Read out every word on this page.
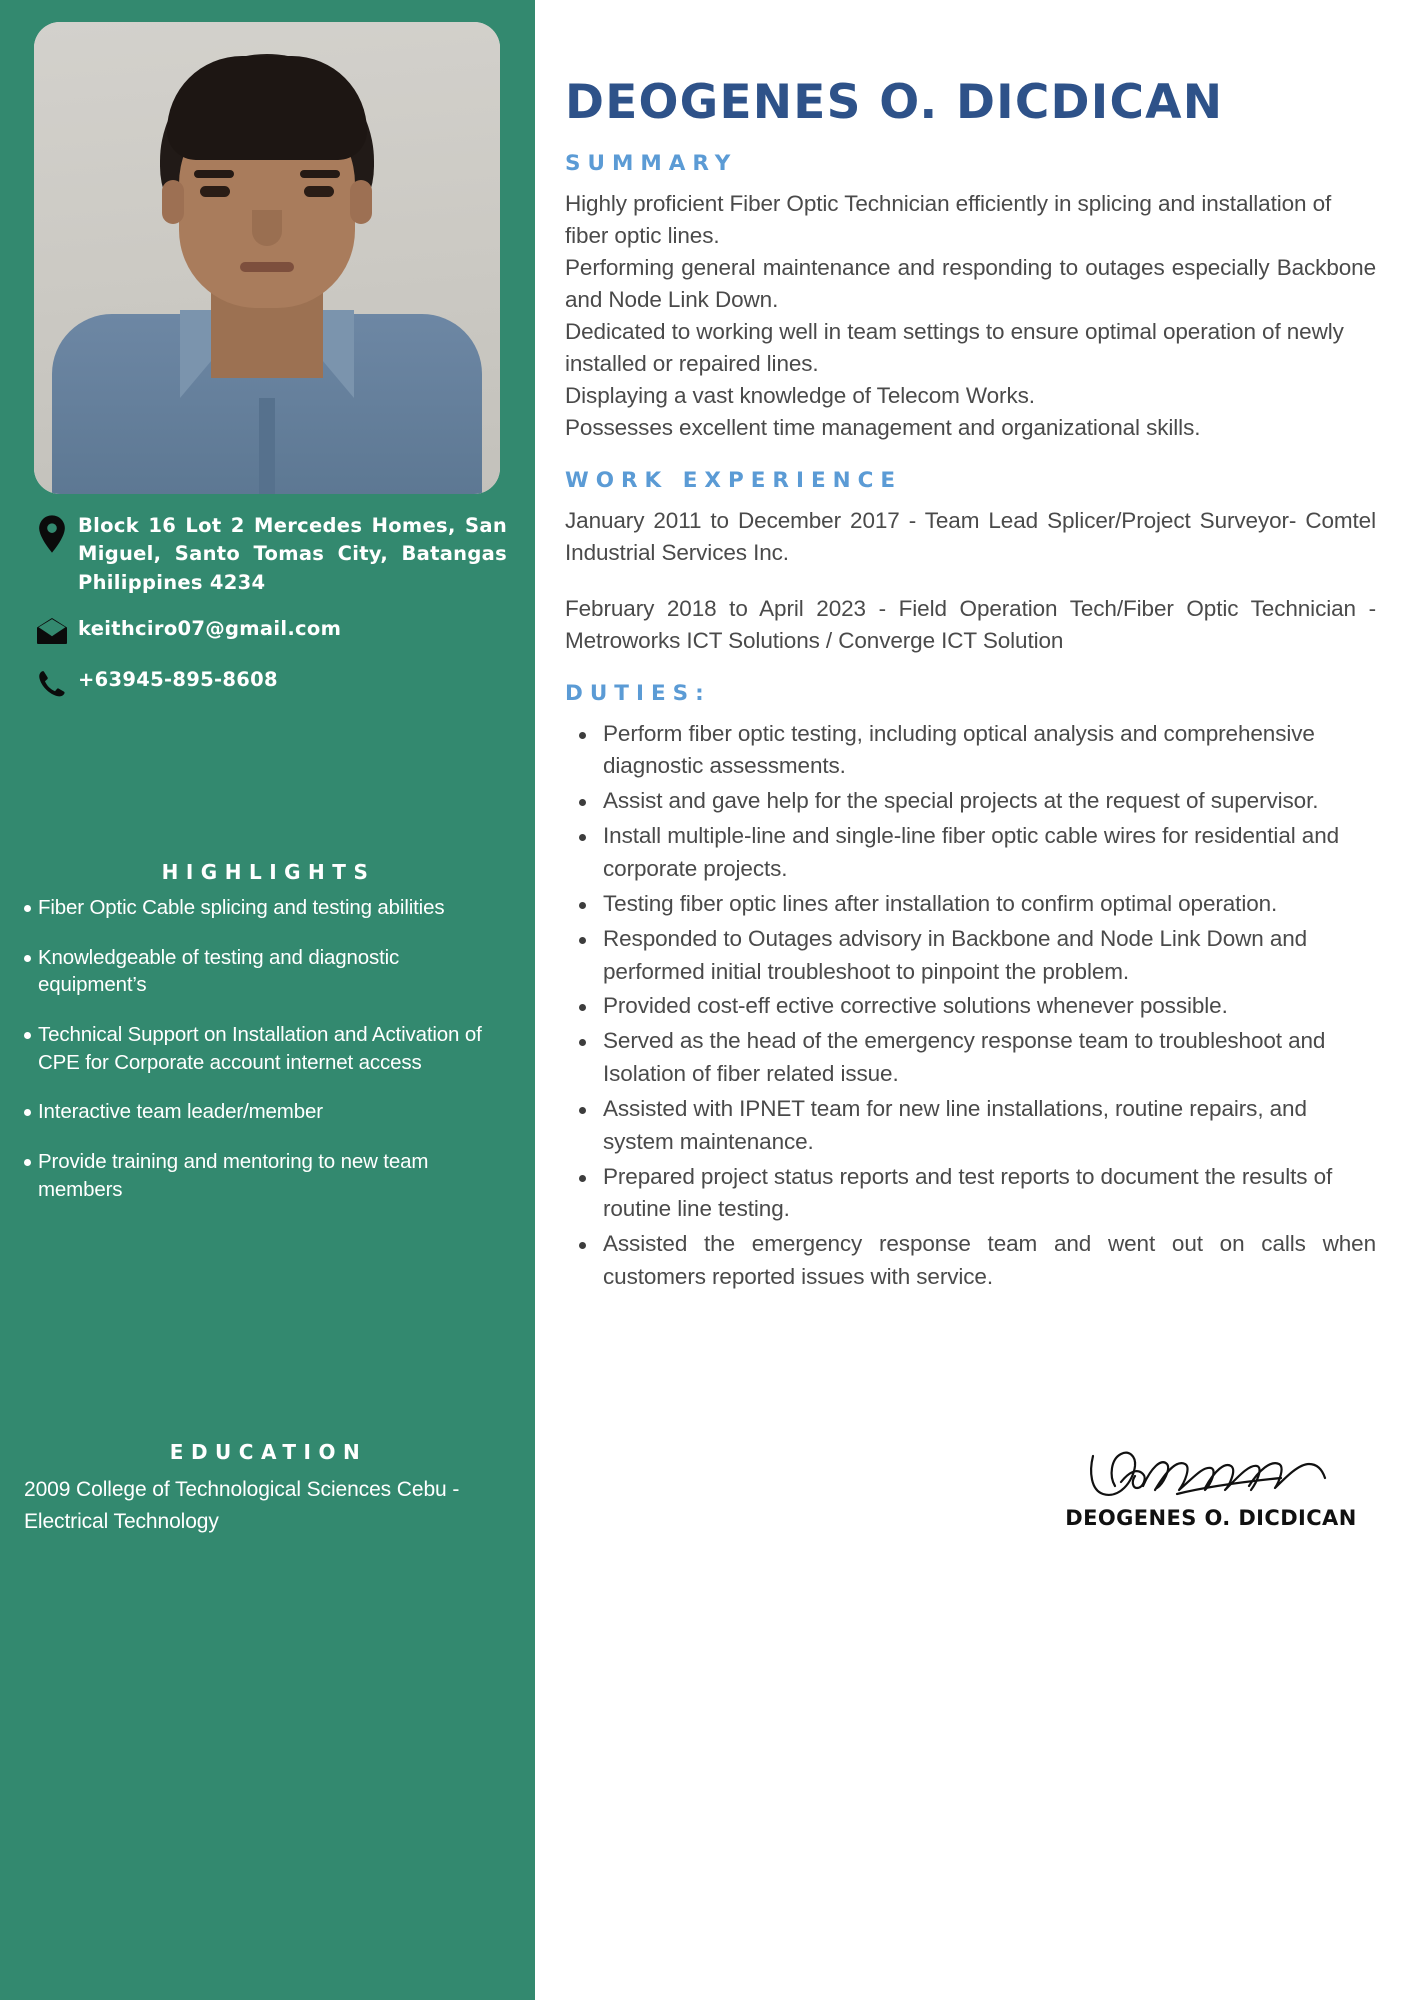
Block 16 Lot 2 Mercedes Homes, San Miguel, Santo Tomas City, Batangas Philippines 4234
keithciro07@gmail.com
+63945-895-8608
HIGHLIGHTS
Fiber Optic Cable splicing and testing abilities
Knowledgeable of testing and diagnostic equipment’s
Technical Support on Installation and Activation of CPE for Corporate account internet access
Interactive team leader/member
Provide training and mentoring to new team members
EDUCATION

2009 College of Technological Sciences Cebu - Electrical Technology

DEOGENES O. DICDICAN
SUMMARY

Highly proficient Fiber Optic Technician efficiently in splicing and installation of fiber optic lines.

Performing general maintenance and responding to outages especially Backbone and Node Link Down.

Dedicated to working well in team settings to ensure optimal operation of newly installed or repaired lines.

Displaying a vast knowledge of Telecom Works.

Possesses excellent time management and organizational skills.

WORK EXPERIENCE

January 2011 to December 2017 - Team Lead Splicer/Project Surveyor- Comtel Industrial Services Inc.

February 2018 to April 2023 - Field Operation Tech/Fiber Optic Technician - Metroworks ICT Solutions / Converge ICT Solution

DUTIES:
Perform fiber optic testing, including optical analysis and comprehensive diagnostic assessments.
Assist and gave help for the special projects at the request of supervisor.
Install multiple-line and single-line fiber optic cable wires for residential and corporate projects.
Testing fiber optic lines after installation to confirm optimal operation.
Responded to Outages advisory in Backbone and Node Link Down and performed initial troubleshoot to pinpoint the problem.
Provided cost-eff ective corrective solutions whenever possible.
Served as the head of the emergency response team to troubleshoot and Isolation of fiber related issue.
Assisted with IPNET team for new line installations, routine repairs, and system maintenance.
Prepared project status reports and test reports to document the results of routine line testing.
Assisted the emergency response team and went out on calls when customers reported issues with service.
DEOGENES O. DICDICAN
